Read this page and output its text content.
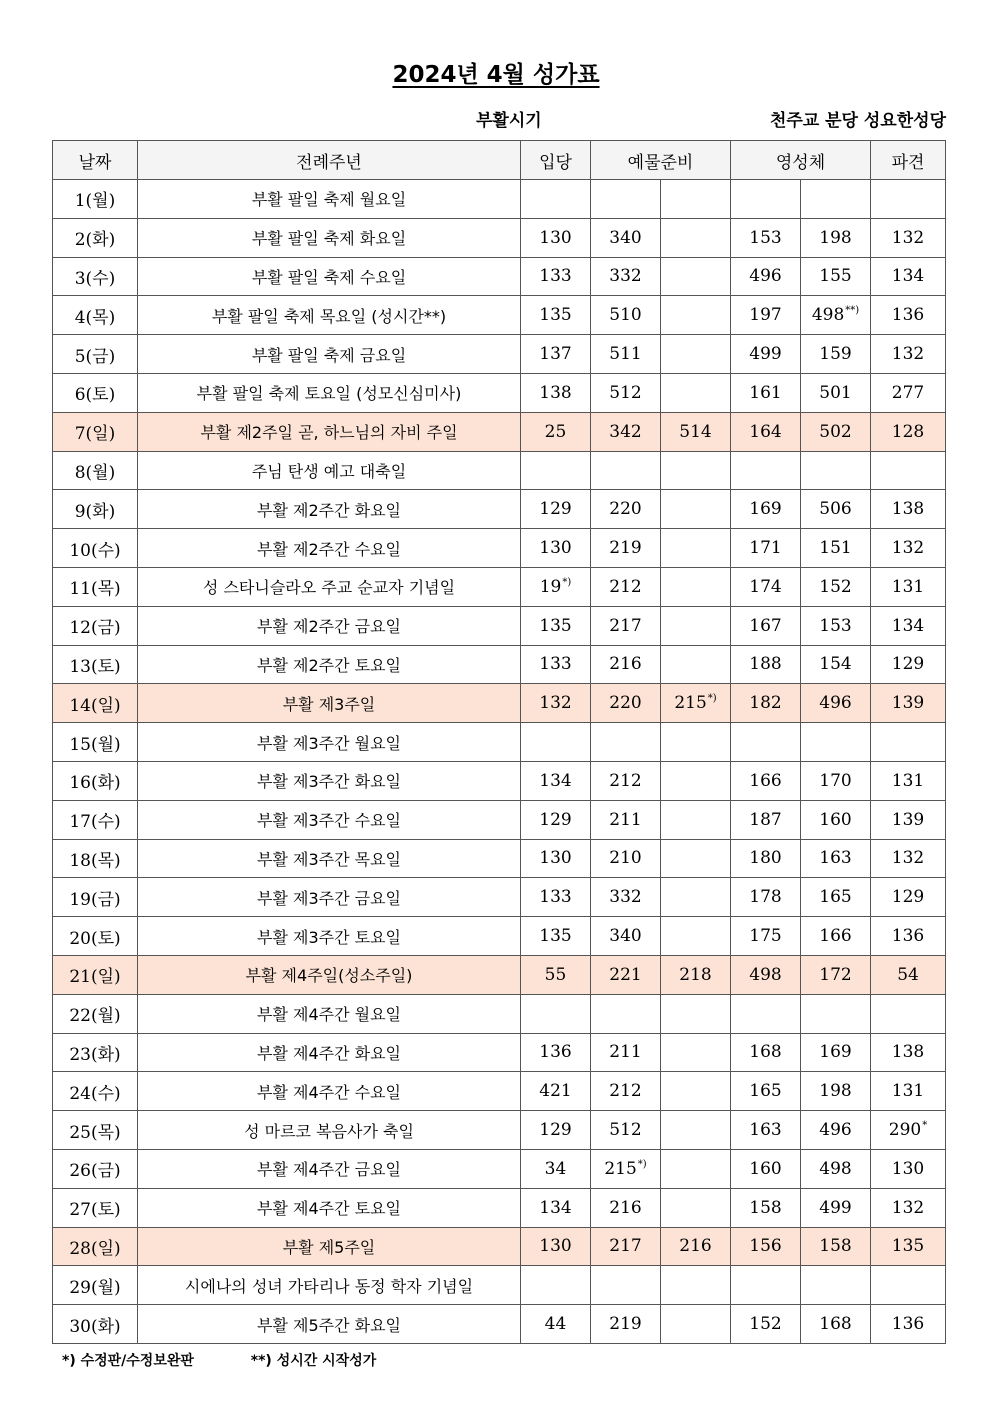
2024년 4월 성가표
부활시기	천주교 분당 성요한성당
날짜	전례주년	입당	예물준비		영성체		파견
1(월)	부활 팔일 축제 월요일						
2(화)	부활 팔일 축제 화요일	130	340		153	198	132
3(수)	부활 팔일 축제 수요일	133	332		496	155	134
4(목)	부활 팔일 축제 목요일 (성시간**)	135	510		197	498**)	136
5(금)	부활 팔일 축제 금요일	137	511		499	159	132
6(토)	부활 팔일 축제 토요일 (성모신심미사)	138	512		161	501	277
7(일)	부활 제2주일 곧, 하느님의 자비 주일	25	342	514	164	502	128
8(월)	주님 탄생 예고 대축일						
9(화)	부활 제2주간 화요일	129	220		169	506	138
10(수)	부활 제2주간 수요일	130	219		171	151	132
11(목)	성 스타니슬라오 주교 순교자 기념일	19*)	212		174	152	131
12(금)	부활 제2주간 금요일	135	217		167	153	134
13(토)	부활 제2주간 토요일	133	216		188	154	129
14(일)	부활 제3주일	132	220	215*)	182	496	139
15(월)	부활 제3주간 월요일						
16(화)	부활 제3주간 화요일	134	212		166	170	131
17(수)	부활 제3주간 수요일	129	211		187	160	139
18(목)	부활 제3주간 목요일	130	210		180	163	132
19(금)	부활 제3주간 금요일	133	332		178	165	129
20(토)	부활 제3주간 토요일	135	340		175	166	136
21(일)	부활 제4주일(성소주일)	55	221	218	498	172	54
22(월)	부활 제4주간 월요일						
23(화)	부활 제4주간 화요일	136	211		168	169	138
24(수)	부활 제4주간 수요일	421	212		165	198	131
25(목)	성 마르코 복음사가 축일	129	512		163	496	290*
26(금)	부활 제4주간 금요일	34	215*)		160	498	130
27(토)	부활 제4주간 토요일	134	216		158	499	132
28(일)	부활 제5주일	130	217	216	156	158	135
29(월)	시에나의 성녀 가타리나 동정 학자 기념일						
30(화)	부활 제5주간 화요일	44	219		152	168	136
*) 수정판/수정보완판	**) 성시간 시작성가
